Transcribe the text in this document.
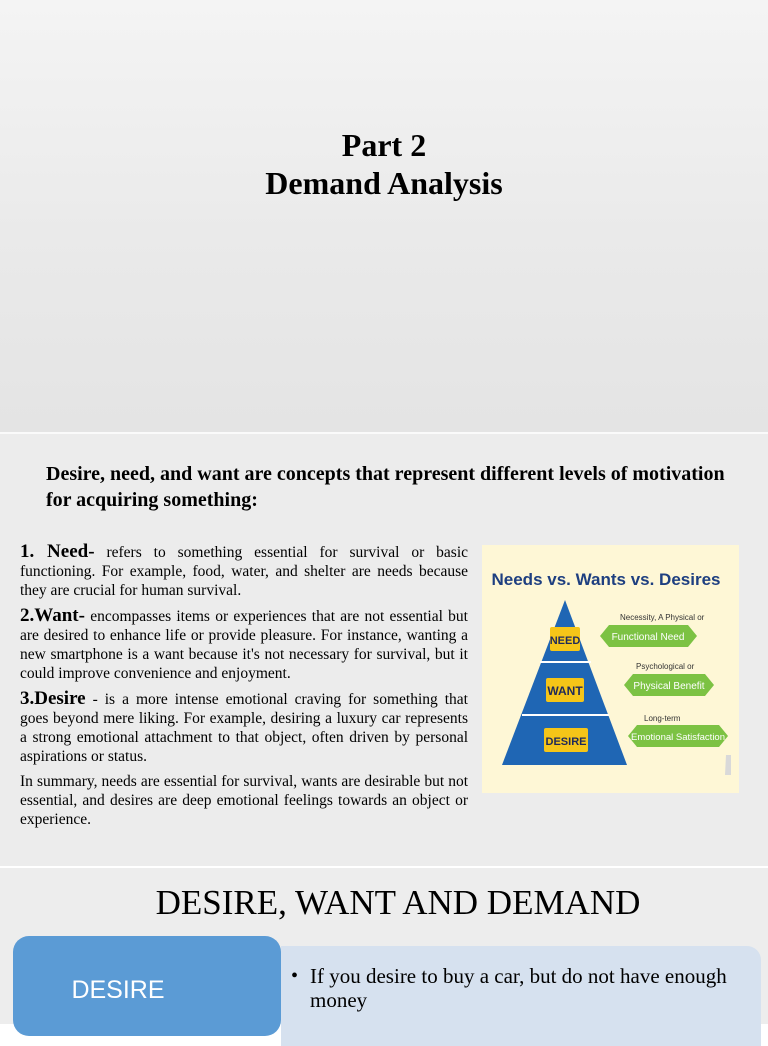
Part 2
Demand Analysis
Desire, need, and want are concepts that represent different levels of motivation for acquiring something:

1. Need- refers to something essential for survival or basic functioning. For example, food, water, and shelter are needs because they are crucial for human survival.

2.Want- encompasses items or experiences that are not essential but are desired to enhance life or provide pleasure. For instance, wanting a new smartphone is a want because it's not necessary for survival, but it could improve convenience and enjoyment.

3.Desire - is a more intense emotional craving for something that goes beyond mere liking. For example, desiring a luxury car represents a strong emotional attachment to that object, often driven by personal aspirations or status.

In summary, needs are essential for survival, wants are desirable but not essential, and desires are deep emotional feelings towards an object or experience.

Needs vs. Wants vs. Desires
NEED
WANT
DESIRE
Necessity, A Physical or
Functional Need
Psychological or
Physical Benefit
Long-term
Emotional Satisfaction
DESIRE, WANT AND DEMAND
DESIRE	• If you desire to buy a car, but do not have enough money
